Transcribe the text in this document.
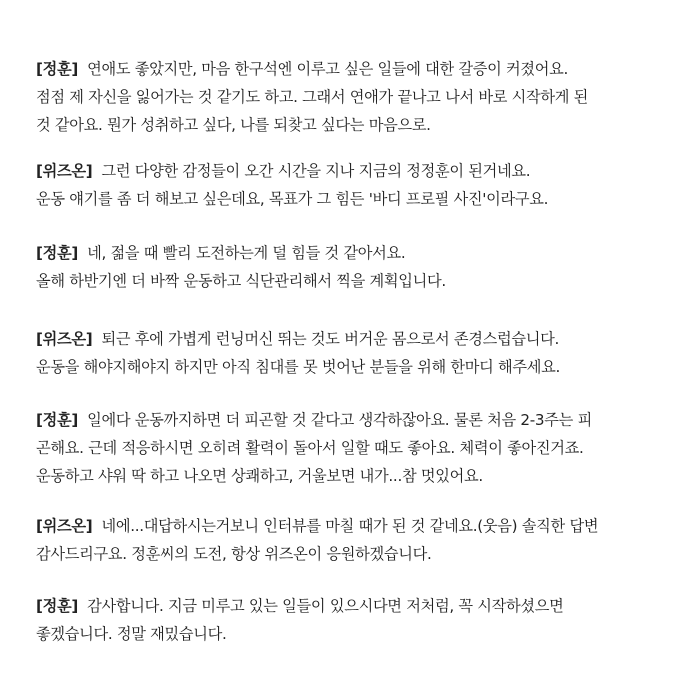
[정훈] 연애도 좋았지만, 마음 한구석엔 이루고 싶은 일들에 대한 갈증이 커졌어요.
점점 제 자신을 잃어가는 것 같기도 하고. 그래서 연애가 끝나고 나서 바로 시작하게 된
것 같아요. 뭔가 성취하고 싶다, 나를 되찾고 싶다는 마음으로.
[위즈온] 그런 다양한 감정들이 오간 시간을 지나 지금의 정정훈이 된거네요.
운동 얘기를 좀 더 해보고 싶은데요, 목표가 그 힘든 '바디 프로필 사진'이라구요.
[정훈] 네, 젊을 때 빨리 도전하는게 덜 힘들 것 같아서요.
올해 하반기엔 더 바짝 운동하고 식단관리해서 찍을 계획입니다.
[위즈온] 퇴근 후에 가볍게 런닝머신 뛰는 것도 버거운 몸으로서 존경스럽습니다.
운동을 해야지해야지 하지만 아직 침대를 못 벗어난 분들을 위해 한마디 해주세요.
[정훈] 일에다 운동까지하면 더 피곤할 것 같다고 생각하잖아요. 물론 처음 2-3주는 피
곤해요. 근데 적응하시면 오히려 활력이 돌아서 일할 때도 좋아요. 체력이 좋아진거죠.
운동하고 샤워 딱 하고 나오면 상쾌하고, 거울보면 내가...참 멋있어요.
[위즈온] 네에...대답하시는거보니 인터뷰를 마칠 때가 된 것 같네요.(웃음) 솔직한 답변
감사드리구요. 정훈씨의 도전, 항상 위즈온이 응원하겠습니다.
[정훈] 감사합니다. 지금 미루고 있는 일들이 있으시다면 저처럼, 꼭 시작하셨으면
좋겠습니다. 정말 재밌습니다.
